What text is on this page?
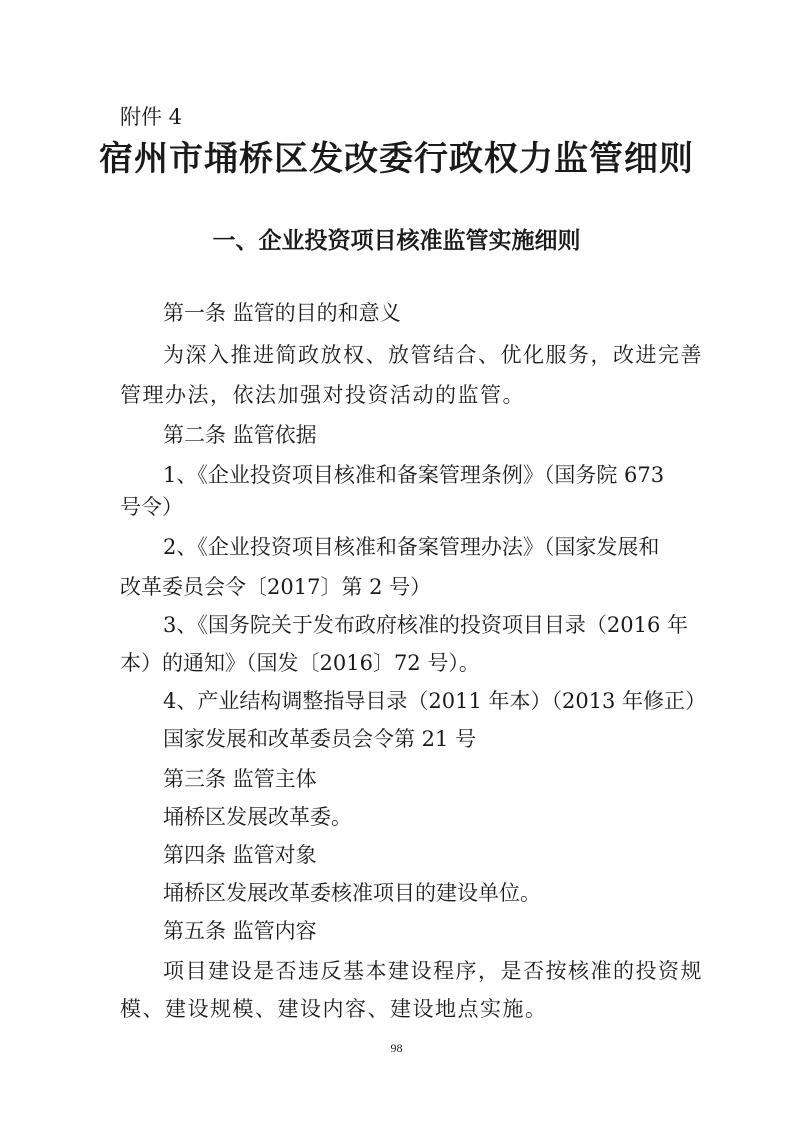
附件 4
宿州市埇桥区发改委行政权力监管细则
一、企业投资项目核准监管实施细则
第一条 监管的目的和意义
为深入推进简政放权、放管结合、优化服务，改进完善
管理办法，依法加强对投资活动的监管。
第二条 监管依据
1、《企业投资项目核准和备案管理条例》（国务院 673
号令）
2、《企业投资项目核准和备案管理办法》（国家发展和
改革委员会令〔2017〕第 2 号）
3、《国务院关于发布政府核准的投资项目目录（2016 年
本）的通知》（国发〔2016〕72 号）。
4、产业结构调整指导目录（2011 年本）（2013 年修正）
国家发展和改革委员会令第 21 号
第三条 监管主体
埇桥区发展改革委。
第四条 监管对象
埇桥区发展改革委核准项目的建设单位。
第五条 监管内容
项目建设是否违反基本建设程序，是否按核准的投资规
模、建设规模、建设内容、建设地点实施。
98
